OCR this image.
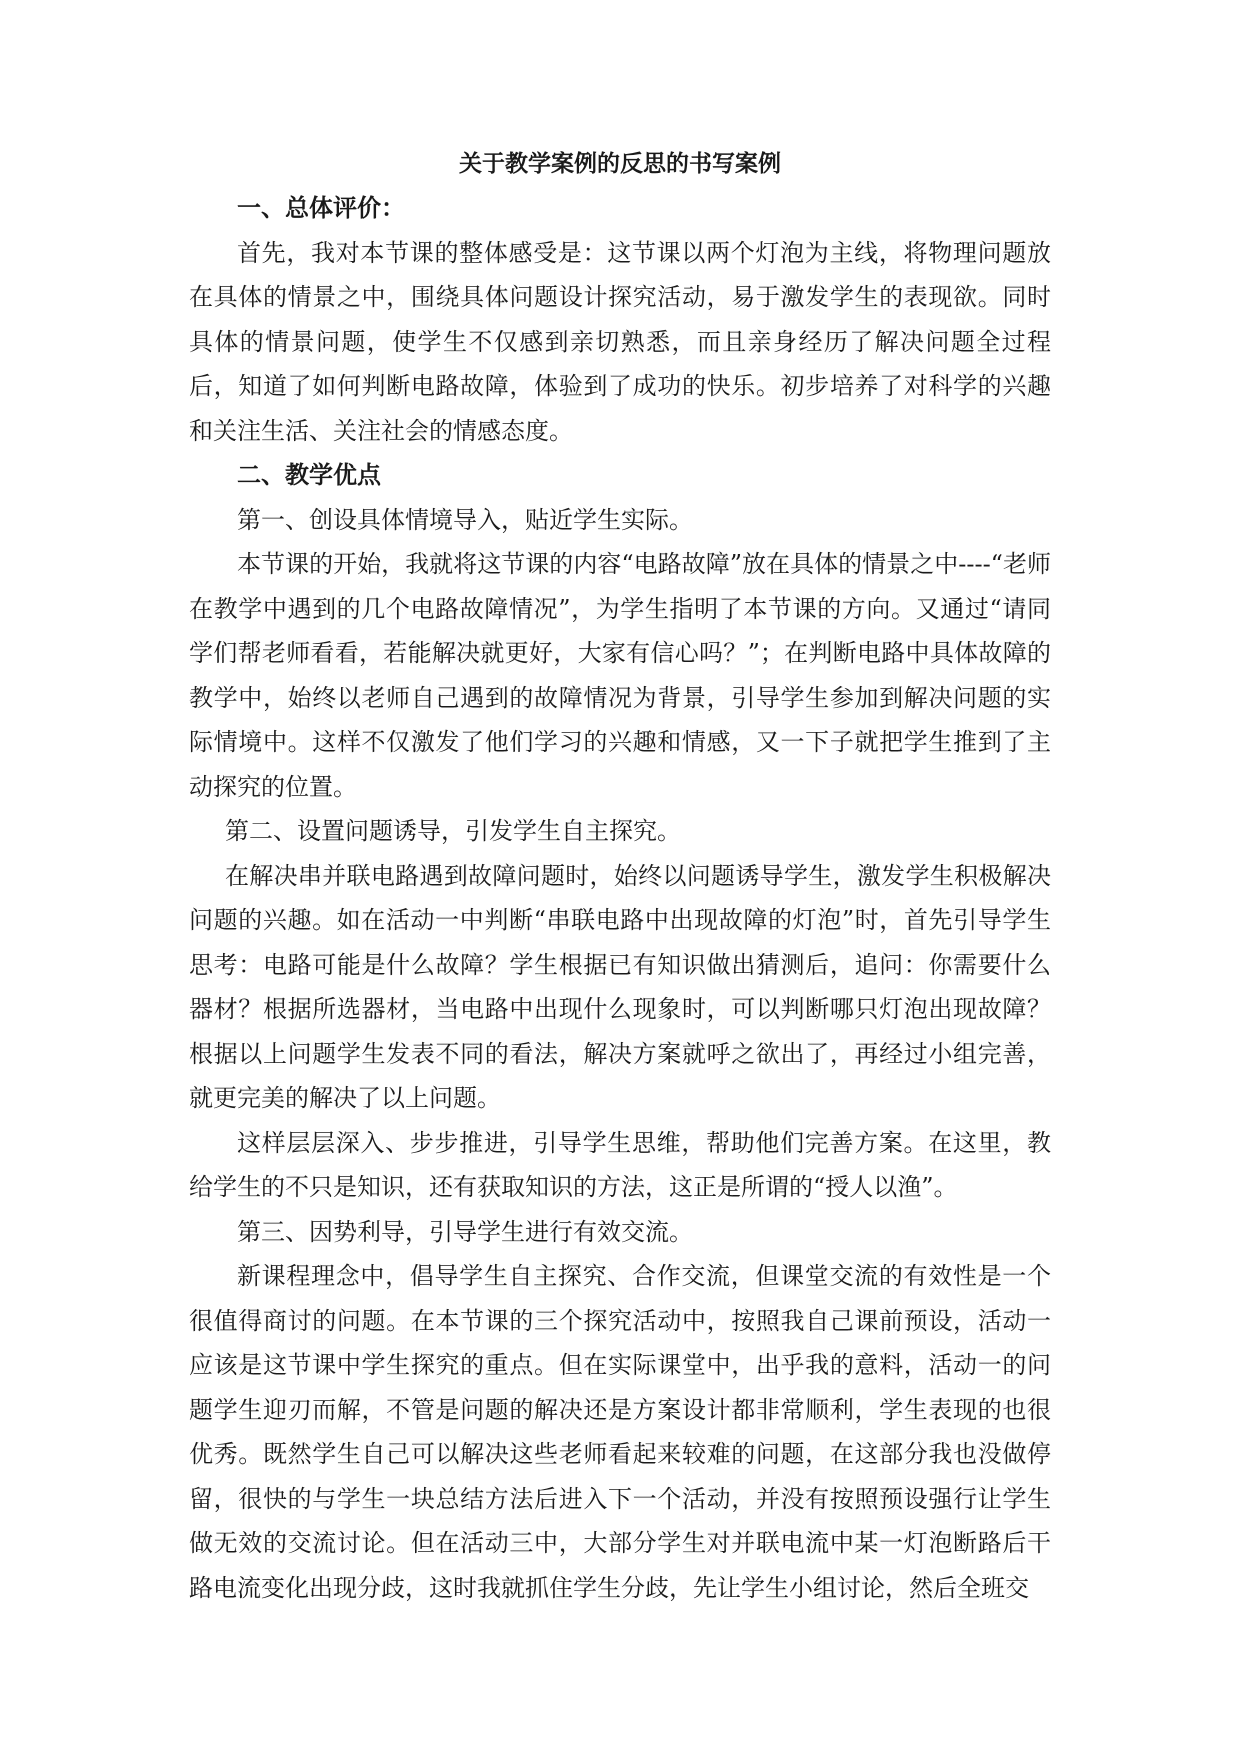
关于教学案例的反思的书写案例

一、总体评价：

首先，我对本节课的整体感受是：这节课以两个灯泡为主线，将物理问题放在具体的情景之中，围绕具体问题设计探究活动，易于激发学生的表现欲。同时具体的情景问题，使学生不仅感到亲切熟悉，而且亲身经历了解决问题全过程后，知道了如何判断电路故障，体验到了成功的快乐。初步培养了对科学的兴趣和关注生活、关注社会的情感态度。

二、教学优点

第一、创设具体情境导入，贴近学生实际。

本节课的开始，我就将这节课的内容“电路故障”放在具体的情景之中----“老师在教学中遇到的几个电路故障情况”，为学生指明了本节课的方向。又通过“请同学们帮老师看看，若能解决就更好，大家有信心吗？”；在判断电路中具体故障的教学中，始终以老师自己遇到的故障情况为背景，引导学生参加到解决问题的实际情境中。这样不仅激发了他们学习的兴趣和情感，又一下子就把学生推到了主动探究的位置。

第二、设置问题诱导，引发学生自主探究。

在解决串并联电路遇到故障问题时，始终以问题诱导学生，激发学生积极解决问题的兴趣。如在活动一中判断“串联电路中出现故障的灯泡”时，首先引导学生思考：电路可能是什么故障？学生根据已有知识做出猜测后，追问：你需要什么器材？根据所选器材，当电路中出现什么现象时，可以判断哪只灯泡出现故障？根据以上问题学生发表不同的看法，解决方案就呼之欲出了，再经过小组完善，就更完美的解决了以上问题。

这样层层深入、步步推进，引导学生思维，帮助他们完善方案。在这里，教给学生的不只是知识，还有获取知识的方法，这正是所谓的“授人以渔”。

第三、因势利导，引导学生进行有效交流。

新课程理念中，倡导学生自主探究、合作交流，但课堂交流的有效性是一个很值得商讨的问题。在本节课的三个探究活动中，按照我自己课前预设，活动一应该是这节课中学生探究的重点。但在实际课堂中，出乎我的意料，活动一的问题学生迎刃而解，不管是问题的解决还是方案设计都非常顺利，学生表现的也很优秀。既然学生自己可以解决这些老师看起来较难的问题，在这部分我也没做停留，很快的与学生一块总结方法后进入下一个活动，并没有按照预设强行让学生做无效的交流讨论。但在活动三中，大部分学生对并联电流中某一灯泡断路后干路电流变化出现分歧，这时我就抓住学生分歧，先让学生小组讨论，然后全班交
